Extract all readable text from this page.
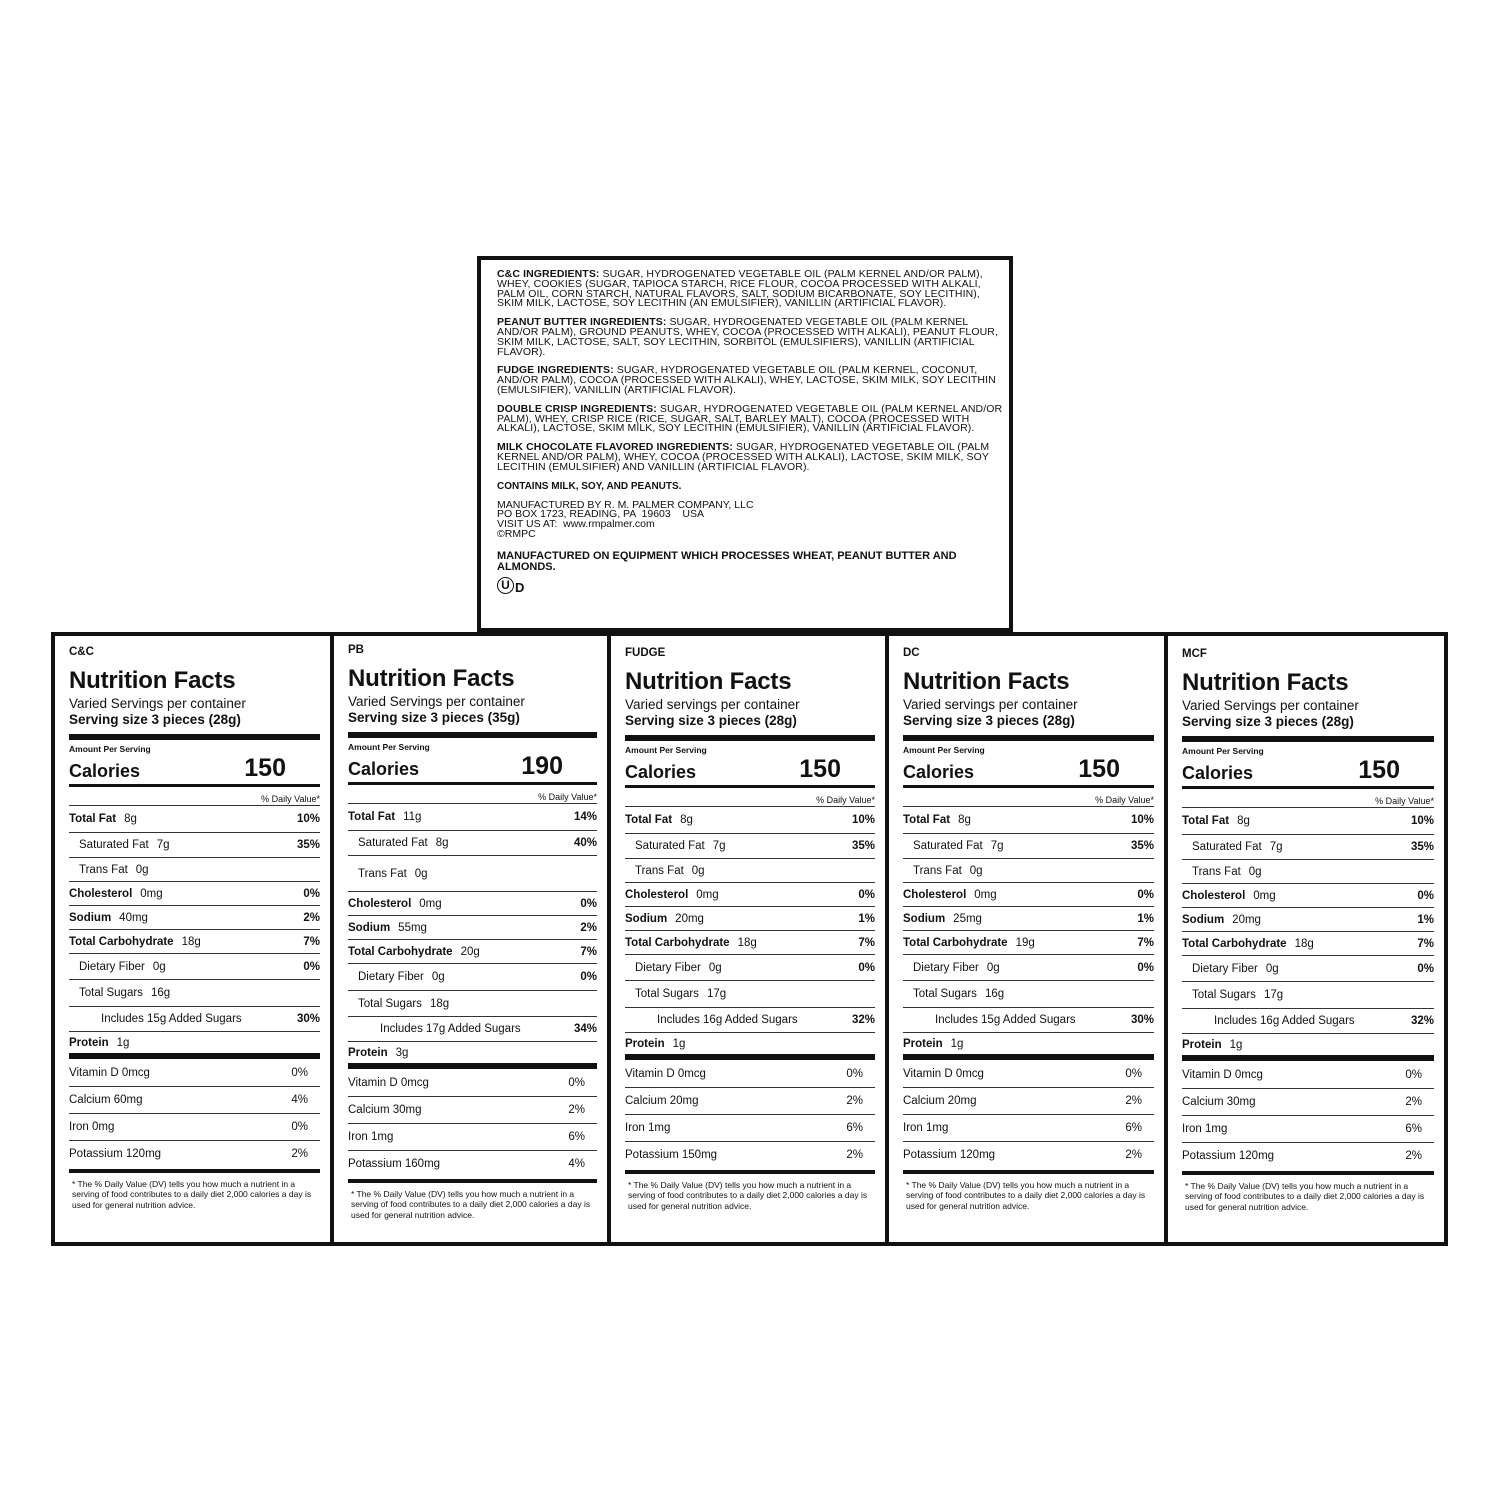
C&C INGREDIENTS: SUGAR, HYDROGENATED VEGETABLE OIL (PALM KERNEL AND/OR PALM), WHEY, COOKIES (SUGAR, TAPIOCA STARCH, RICE FLOUR, COCOA PROCESSED WITH ALKALI, PALM OIL, CORN STARCH, NATURAL FLAVORS, SALT, SODIUM BICARBONATE, SOY LECITHIN), SKIM MILK, LACTOSE, SOY LECITHIN (AN EMULSIFIER), VANILLIN (ARTIFICIAL FLAVOR).
PEANUT BUTTER INGREDIENTS: SUGAR, HYDROGENATED VEGETABLE OIL (PALM KERNEL AND/OR PALM), GROUND PEANUTS, WHEY, COCOA (PROCESSED WITH ALKALI), PEANUT FLOUR, SKIM MILK, LACTOSE, SALT, SOY LECITHIN, SORBITOL (EMULSIFIERS), VANILLIN (ARTIFICIAL FLAVOR).
FUDGE INGREDIENTS: SUGAR, HYDROGENATED VEGETABLE OIL (PALM KERNEL, COCONUT, AND/OR PALM), COCOA (PROCESSED WITH ALKALI), WHEY, LACTOSE, SKIM MILK, SOY LECITHIN (EMULSIFIER), VANILLIN (ARTIFICIAL FLAVOR).
DOUBLE CRISP INGREDIENTS: SUGAR, HYDROGENATED VEGETABLE OIL (PALM KERNEL AND/OR PALM), WHEY, CRISP RICE (RICE, SUGAR, SALT, BARLEY MALT), COCOA (PROCESSED WITH ALKALI), LACTOSE, SKIM MILK, SOY LECITHIN (EMULSIFIER), VANILLIN (ARTIFICIAL FLAVOR).
MILK CHOCOLATE FLAVORED INGREDIENTS: SUGAR, HYDROGENATED VEGETABLE OIL (PALM KERNEL AND/OR PALM), WHEY, COCOA (PROCESSED WITH ALKALI), LACTOSE, SKIM MILK, SOY LECITHIN (EMULSIFIER) AND VANILLIN (ARTIFICIAL FLAVOR).
CONTAINS MILK, SOY, AND PEANUTS.
MANUFACTURED BY R. M. PALMER COMPANY, LLC
PO BOX 1723, READING, PA  19603    USA
VISIT US AT:  www.rmpalmer.com
©RMPC
MANUFACTURED ON EQUIPMENT WHICH PROCESSES WHEAT, PEANUT BUTTER AND ALMONDS.
U D
C&C
Nutrition Facts
Varied Servings per container
Serving size 3 pieces (28g)
Amount Per Serving
Calories	150
% Daily Value*
Total Fat 8g	10%
Saturated Fat 7g	35%
Trans Fat 0g
Cholesterol 0mg	0%
Sodium 40mg	2%
Total Carbohydrate 18g	7%
Dietary Fiber 0g	0%
Total Sugars 16g
Includes 15g Added Sugars	30%
Protein 1g
Vitamin D 0mcg	0%
Calcium 60mg	4%
Iron 0mg	0%
Potassium 120mg	2%
* The % Daily Value (DV) tells you how much a nutrient in a serving of food contributes to a daily diet 2,000 calories a day is used for general nutrition advice.
PB
Nutrition Facts
Varied Servings per container
Serving size 3 pieces (35g)
Amount Per Serving
Calories	190
% Daily Value*
Total Fat 11g	14%
Saturated Fat 8g	40%
Trans Fat 0g
Cholesterol 0mg	0%
Sodium 55mg	2%
Total Carbohydrate 20g	7%
Dietary Fiber 0g	0%
Total Sugars 18g
Includes 17g Added Sugars	34%
Protein 3g
Vitamin D 0mcg	0%
Calcium 30mg	2%
Iron 1mg	6%
Potassium 160mg	4%
* The % Daily Value (DV) tells you how much a nutrient in a serving of food contributes to a daily diet 2,000 calories a day is used for general nutrition advice.
FUDGE
Nutrition Facts
Varied servings per container
Serving size 3 pieces (28g)
Amount Per Serving
Calories	150
% Daily Value*
Total Fat 8g	10%
Saturated Fat 7g	35%
Trans Fat 0g
Cholesterol 0mg	0%
Sodium 20mg	1%
Total Carbohydrate 18g	7%
Dietary Fiber 0g	0%
Total Sugars 17g
Includes 16g Added Sugars	32%
Protein 1g
Vitamin D 0mcg	0%
Calcium 20mg	2%
Iron 1mg	6%
Potassium 150mg	2%
* The % Daily Value (DV) tells you how much a nutrient in a serving of food contributes to a daily diet 2,000 calories a day is used for general nutrition advice.
DC
Nutrition Facts
Varied servings per container
Serving size 3 pieces (28g)
Amount Per Serving
Calories	150
% Daily Value*
Total Fat 8g	10%
Saturated Fat 7g	35%
Trans Fat 0g
Cholesterol 0mg	0%
Sodium 25mg	1%
Total Carbohydrate 19g	7%
Dietary Fiber 0g	0%
Total Sugars 16g
Includes 15g Added Sugars	30%
Protein 1g
Vitamin D 0mcg	0%
Calcium 20mg	2%
Iron 1mg	6%
Potassium 120mg	2%
* The % Daily Value (DV) tells you how much a nutrient in a serving of food contributes to a daily diet 2,000 calories a day is used for general nutrition advice.
MCF
Nutrition Facts
Varied Servings per container
Serving size 3 pieces (28g)
Amount Per Serving
Calories	150
% Daily Value*
Total Fat 8g	10%
Saturated Fat 7g	35%
Trans Fat 0g
Cholesterol 0mg	0%
Sodium 20mg	1%
Total Carbohydrate 18g	7%
Dietary Fiber 0g	0%
Total Sugars 17g
Includes 16g Added Sugars	32%
Protein 1g
Vitamin D 0mcg	0%
Calcium 30mg	2%
Iron 1mg	6%
Potassium 120mg	2%
* The % Daily Value (DV) tells you how much a nutrient in a serving of food contributes to a daily diet 2,000 calories a day is used for general nutrition advice.
